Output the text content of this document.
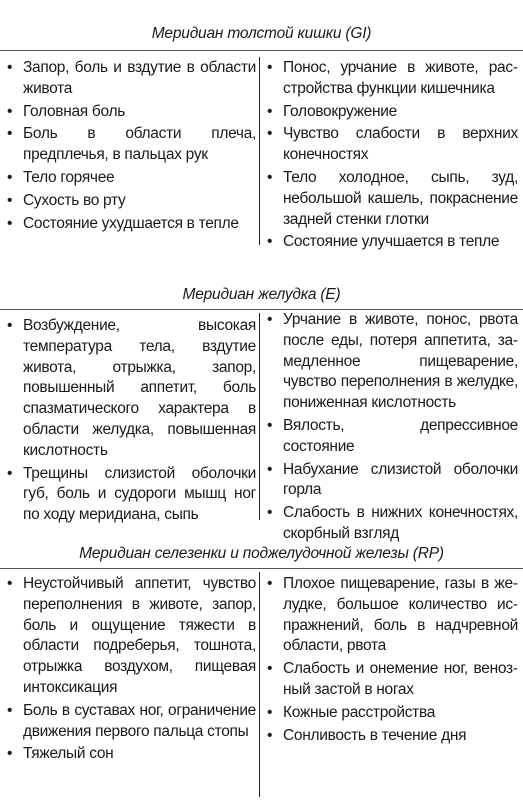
Меридиан толстой кишки (GI)
• Запор, боль и вздутие в области живота
• Головная боль
• Боль в области плеча, предплечья, в пальцах рук
• Тело горячее
• Сухость во рту
• Состояние ухудшается в тепле
• Понос, урчание в животе, расстройства функции кишечника
• Головокружение
• Чувство слабости в верхних конечностях
• Тело холодное, сыпь, зуд, небольшой кашель, покраснение задней стенки глотки
• Состояние улучшается в тепле
Меридиан желудка (E)
• Возбуждение, высокая температура тела, вздутие живота, отрыжка, запор, повышенный аппетит, боль спазматического характера в области желудка, повышенная кислотность
• Трещины слизистой оболочки губ, боль и судороги мышц ног по ходу меридиана, сыпь
• Урчание в животе, понос, рвота после еды, потеря аппетита, замедленное пищеварение, чувство переполнения в желудке, пониженная кислотность
• Вялость, депрессивное состояние
• Набухание слизистой оболочки горла
• Слабость в нижних конечностях, скорбный взгляд
Меридиан селезенки и поджелудочной железы (RP)
• Неустойчивый аппетит, чувство переполнения в животе, запор, боль и ощущение тяжести в области подреберья, тошнота, отрыжка воздухом, пищевая интоксикация
• Боль в суставах ног, ограничение движения первого пальца стопы
• Тяжелый сон
• Плохое пищеварение, газы в желудке, большое количество испражнений, боль в надчревной области, рвота
• Слабость и онемение ног, венозный застой в ногах
• Кожные расстройства
• Сонливость в течение дня
